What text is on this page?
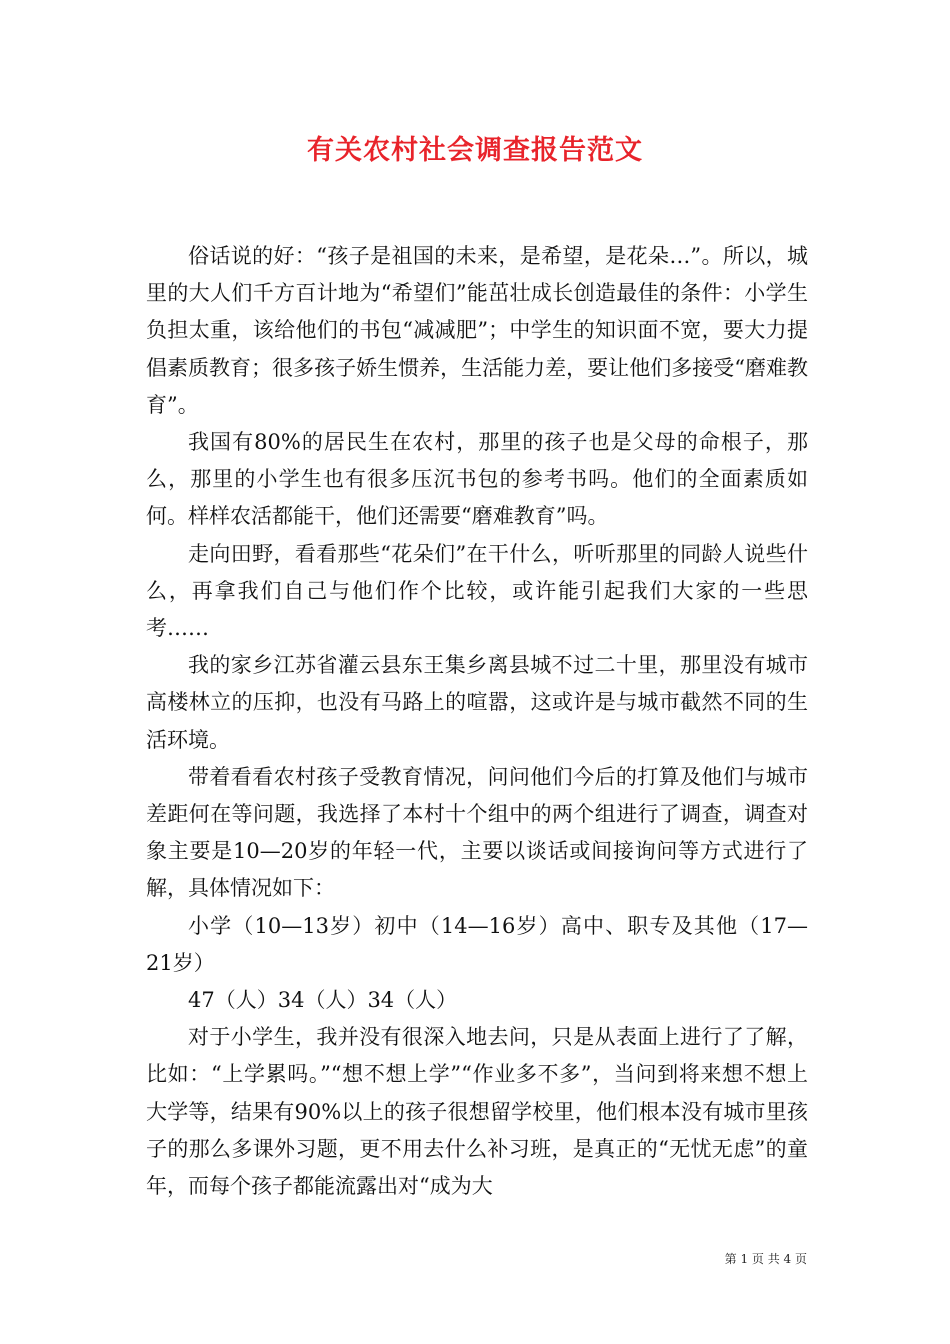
有关农村社会调查报告范文

俗话说的好：“孩子是祖国的未来，是希望，是花朵…”。所以，城里的大人们千方百计地为“希望们”能茁壮成长创造最佳的条件：小学生负担太重，该给他们的书包“减减肥”；中学生的知识面不宽，要大力提倡素质教育；很多孩子娇生惯养，生活能力差，要让他们多接受“磨难教育”。

我国有80%的居民生在农村，那里的孩子也是父母的命根子，那么，那里的小学生也有很多压沉书包的参考书吗。他们的全面素质如何。样样农活都能干，他们还需要“磨难教育”吗。

走向田野，看看那些“花朵们”在干什么，听听那里的同龄人说些什么，再拿我们自己与他们作个比较，或许能引起我们大家的一些思考……

我的家乡江苏省灌云县东王集乡离县城不过二十里，那里没有城市高楼林立的压抑，也没有马路上的喧嚣，这或许是与城市截然不同的生活环境。

带着看看农村孩子受教育情况，问问他们今后的打算及他们与城市差距何在等问题，我选择了本村十个组中的两个组进行了调查，调查对象主要是10—20岁的年轻一代，主要以谈话或间接询问等方式进行了解，具体情况如下：

小学（10—13岁）初中（14—16岁）高中、职专及其他（17—21岁）

47（人）34（人）34（人）

对于小学生，我并没有很深入地去问，只是从表面上进行了了解，比如：“上学累吗。”“想不想上学”“作业多不多”，当问到将来想不想上大学等，结果有90%以上的孩子很想留学校里，他们根本没有城市里孩子的那么多课外习题，更不用去什么补习班，是真正的“无忧无虑”的童年，而每个孩子都能流露出对“成为大

第 1 页 共 4 页
